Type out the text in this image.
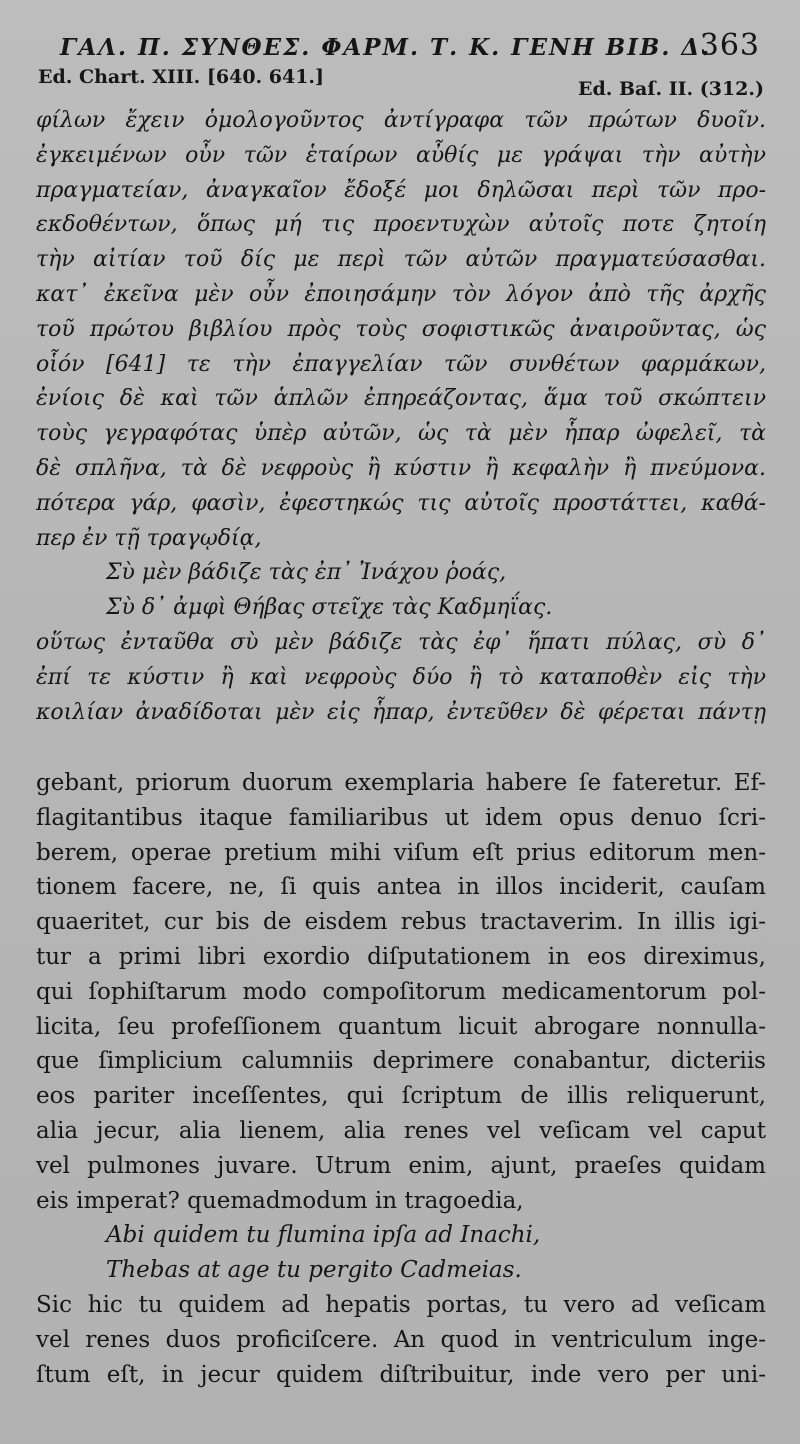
ΓΑΛ. Π. ΣΥΝΘΕΣ. ΦΑΡΜ. Τ. Κ. ΓΕΝΗ ΒΙΒ. Δ.
363
Ed. Chart. XIII. [640. 641.]
Ed. Baſ. II. (312.)
φίλων ἔχειν ὁμολογοῦντος ἀντίγραφα τῶν πρώτων δυοῖν.
ἐγκειμένων οὖν τῶν ἑταίρων αὖθίς με γράψαι τὴν αὐτὴν
πραγματείαν, ἀναγκαῖον ἔδοξέ μοι δηλῶσαι περὶ τῶν προ-
εκδοθέντων, ὅπως μή τις προεντυχὼν αὐτοῖς ποτε ζητοίη
τὴν αἰτίαν τοῦ δίς με περὶ τῶν αὐτῶν πραγματεύσασθαι.
κατ᾽ ἐκεῖνα μὲν οὖν ἐποιησάμην τὸν λόγον ἀπὸ τῆς ἀρχῆς
τοῦ πρώτου βιβλίου πρὸς τοὺς σοφιστικῶς ἀναιροῦντας, ὡς
οἷόν [641] τε τὴν ἐπαγγελίαν τῶν συνθέτων φαρμάκων,
ἐνίοις δὲ καὶ τῶν ἁπλῶν ἐπηρεάζοντας, ἅμα τοῦ σκώπτειν
τοὺς γεγραφότας ὑπὲρ αὐτῶν, ὡς τὰ μὲν ἧπαρ ὠφελεῖ, τὰ
δὲ σπλῆνα, τὰ δὲ νεφροὺς ἢ κύστιν ἢ κεφαλὴν ἢ πνεύμονα.
πότερα γάρ, φασὶν, ἐφεστηκώς τις αὐτοῖς προστάττει, καθά-
περ ἐν τῇ τραγῳδίᾳ,
Σὺ μὲν βάδιζε τὰς ἐπ᾽ Ἰνάχου ῥοάς,
Σὺ δ᾽ ἀμφὶ Θήβας στεῖχε τὰς Καδμηΐας.
οὕτως ἐνταῦθα σὺ μὲν βάδιζε τὰς ἐφ᾽ ἥπατι πύλας, σὺ δ᾽
ἐπί τε κύστιν ἢ καὶ νεφροὺς δύο ἢ τὸ καταποθὲν εἰς τὴν
κοιλίαν ἀναδίδοται μὲν εἰς ἧπαρ, ἐντεῦθεν δὲ φέρεται πάντῃ
gebant, priorum duorum exemplaria habere ſe fateretur. Ef-
flagitantibus itaque familiaribus ut idem opus denuo ſcri-
berem, operae pretium mihi viſum eſt prius editorum men-
tionem facere, ne, ſi quis antea in illos inciderit, cauſam
quaeritet, cur bis de eisdem rebus tractaverim. In illis igi-
tur a primi libri exordio diſputationem in eos direximus,
qui ſophiſtarum modo compoſitorum medicamentorum pol-
licita, ſeu profeſſionem quantum licuit abrogare nonnulla-
que ſimplicium calumniis deprimere conabantur, dicteriis
eos pariter inceſſentes, qui ſcriptum de illis reliquerunt,
alia jecur, alia lienem, alia renes vel veſicam vel caput
vel pulmones juvare. Utrum enim, ajunt, praeſes quidam
eis imperat? quemadmodum in tragoedia,
Abi quidem tu flumina ipſa ad Inachi,
Thebas at age tu pergito Cadmeias.
Sic hic tu quidem ad hepatis portas, tu vero ad veſicam
vel renes duos proficiſcere. An quod in ventriculum inge-
ſtum eſt, in jecur quidem diſtribuitur, inde vero per uni-
